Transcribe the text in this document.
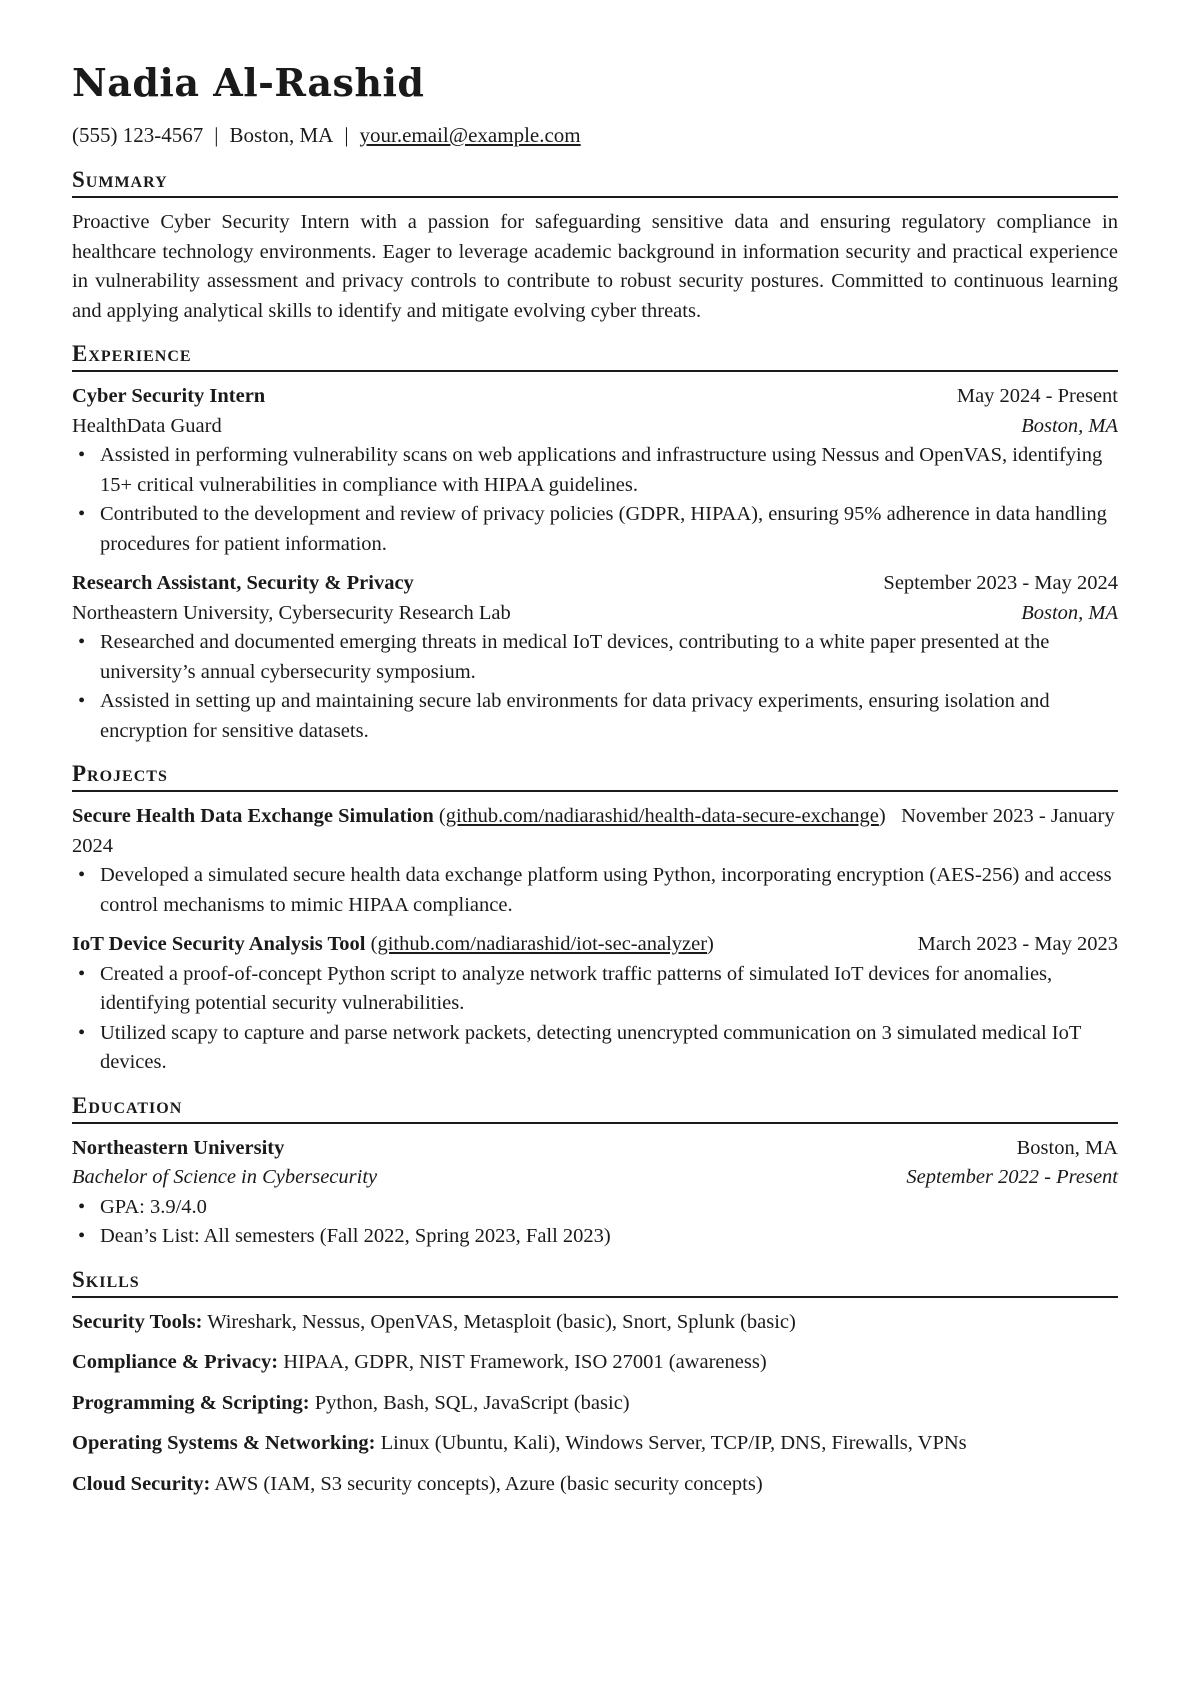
Nadia Al-Rashid
(555) 123-4567 | Boston, MA | your.email@example.com
Summary
Proactive Cyber Security Intern with a passion for safeguarding sensitive data and ensuring regulatory compliance in healthcare technology environments. Eager to leverage academic background in information security and practical experience in vulnerability assessment and privacy controls to contribute to robust security postures. Committed to continuous learning and applying analytical skills to identify and mitigate evolving cyber threats.
Experience
Cyber Security Intern	May 2024 - Present
HealthData Guard	Boston, MA
• Assisted in performing vulnerability scans on web applications and infrastructure using Nessus and OpenVAS, identifying 15+ critical vulnerabilities in compliance with HIPAA guidelines.
• Contributed to the development and review of privacy policies (GDPR, HIPAA), ensuring 95% adherence in data handling procedures for patient information.
Research Assistant, Security & Privacy	September 2023 - May 2024
Northeastern University, Cybersecurity Research Lab	Boston, MA
• Researched and documented emerging threats in medical IoT devices, contributing to a white paper presented at the university’s annual cybersecurity symposium.
• Assisted in setting up and maintaining secure lab environments for data privacy experiments, ensuring isolation and encryption for sensitive datasets.
Projects
Secure Health Data Exchange Simulation (github.com/nadiarashid/health-data-secure-exchange)   November 2023 - January 2024
• Developed a simulated secure health data exchange platform using Python, incorporating encryption (AES-256) and access control mechanisms to mimic HIPAA compliance.
IoT Device Security Analysis Tool (github.com/nadiarashid/iot-sec-analyzer)	March 2023 - May 2023
• Created a proof-of-concept Python script to analyze network traffic patterns of simulated IoT devices for anomalies, identifying potential security vulnerabilities.
• Utilized scapy to capture and parse network packets, detecting unencrypted communication on 3 simulated medical IoT devices.
Education
Northeastern University	Boston, MA
Bachelor of Science in Cybersecurity	September 2022 - Present
• GPA: 3.9/4.0
• Dean’s List: All semesters (Fall 2022, Spring 2023, Fall 2023)
Skills
Security Tools: Wireshark, Nessus, OpenVAS, Metasploit (basic), Snort, Splunk (basic)
Compliance & Privacy: HIPAA, GDPR, NIST Framework, ISO 27001 (awareness)
Programming & Scripting: Python, Bash, SQL, JavaScript (basic)
Operating Systems & Networking: Linux (Ubuntu, Kali), Windows Server, TCP/IP, DNS, Firewalls, VPNs
Cloud Security: AWS (IAM, S3 security concepts), Azure (basic security concepts)
